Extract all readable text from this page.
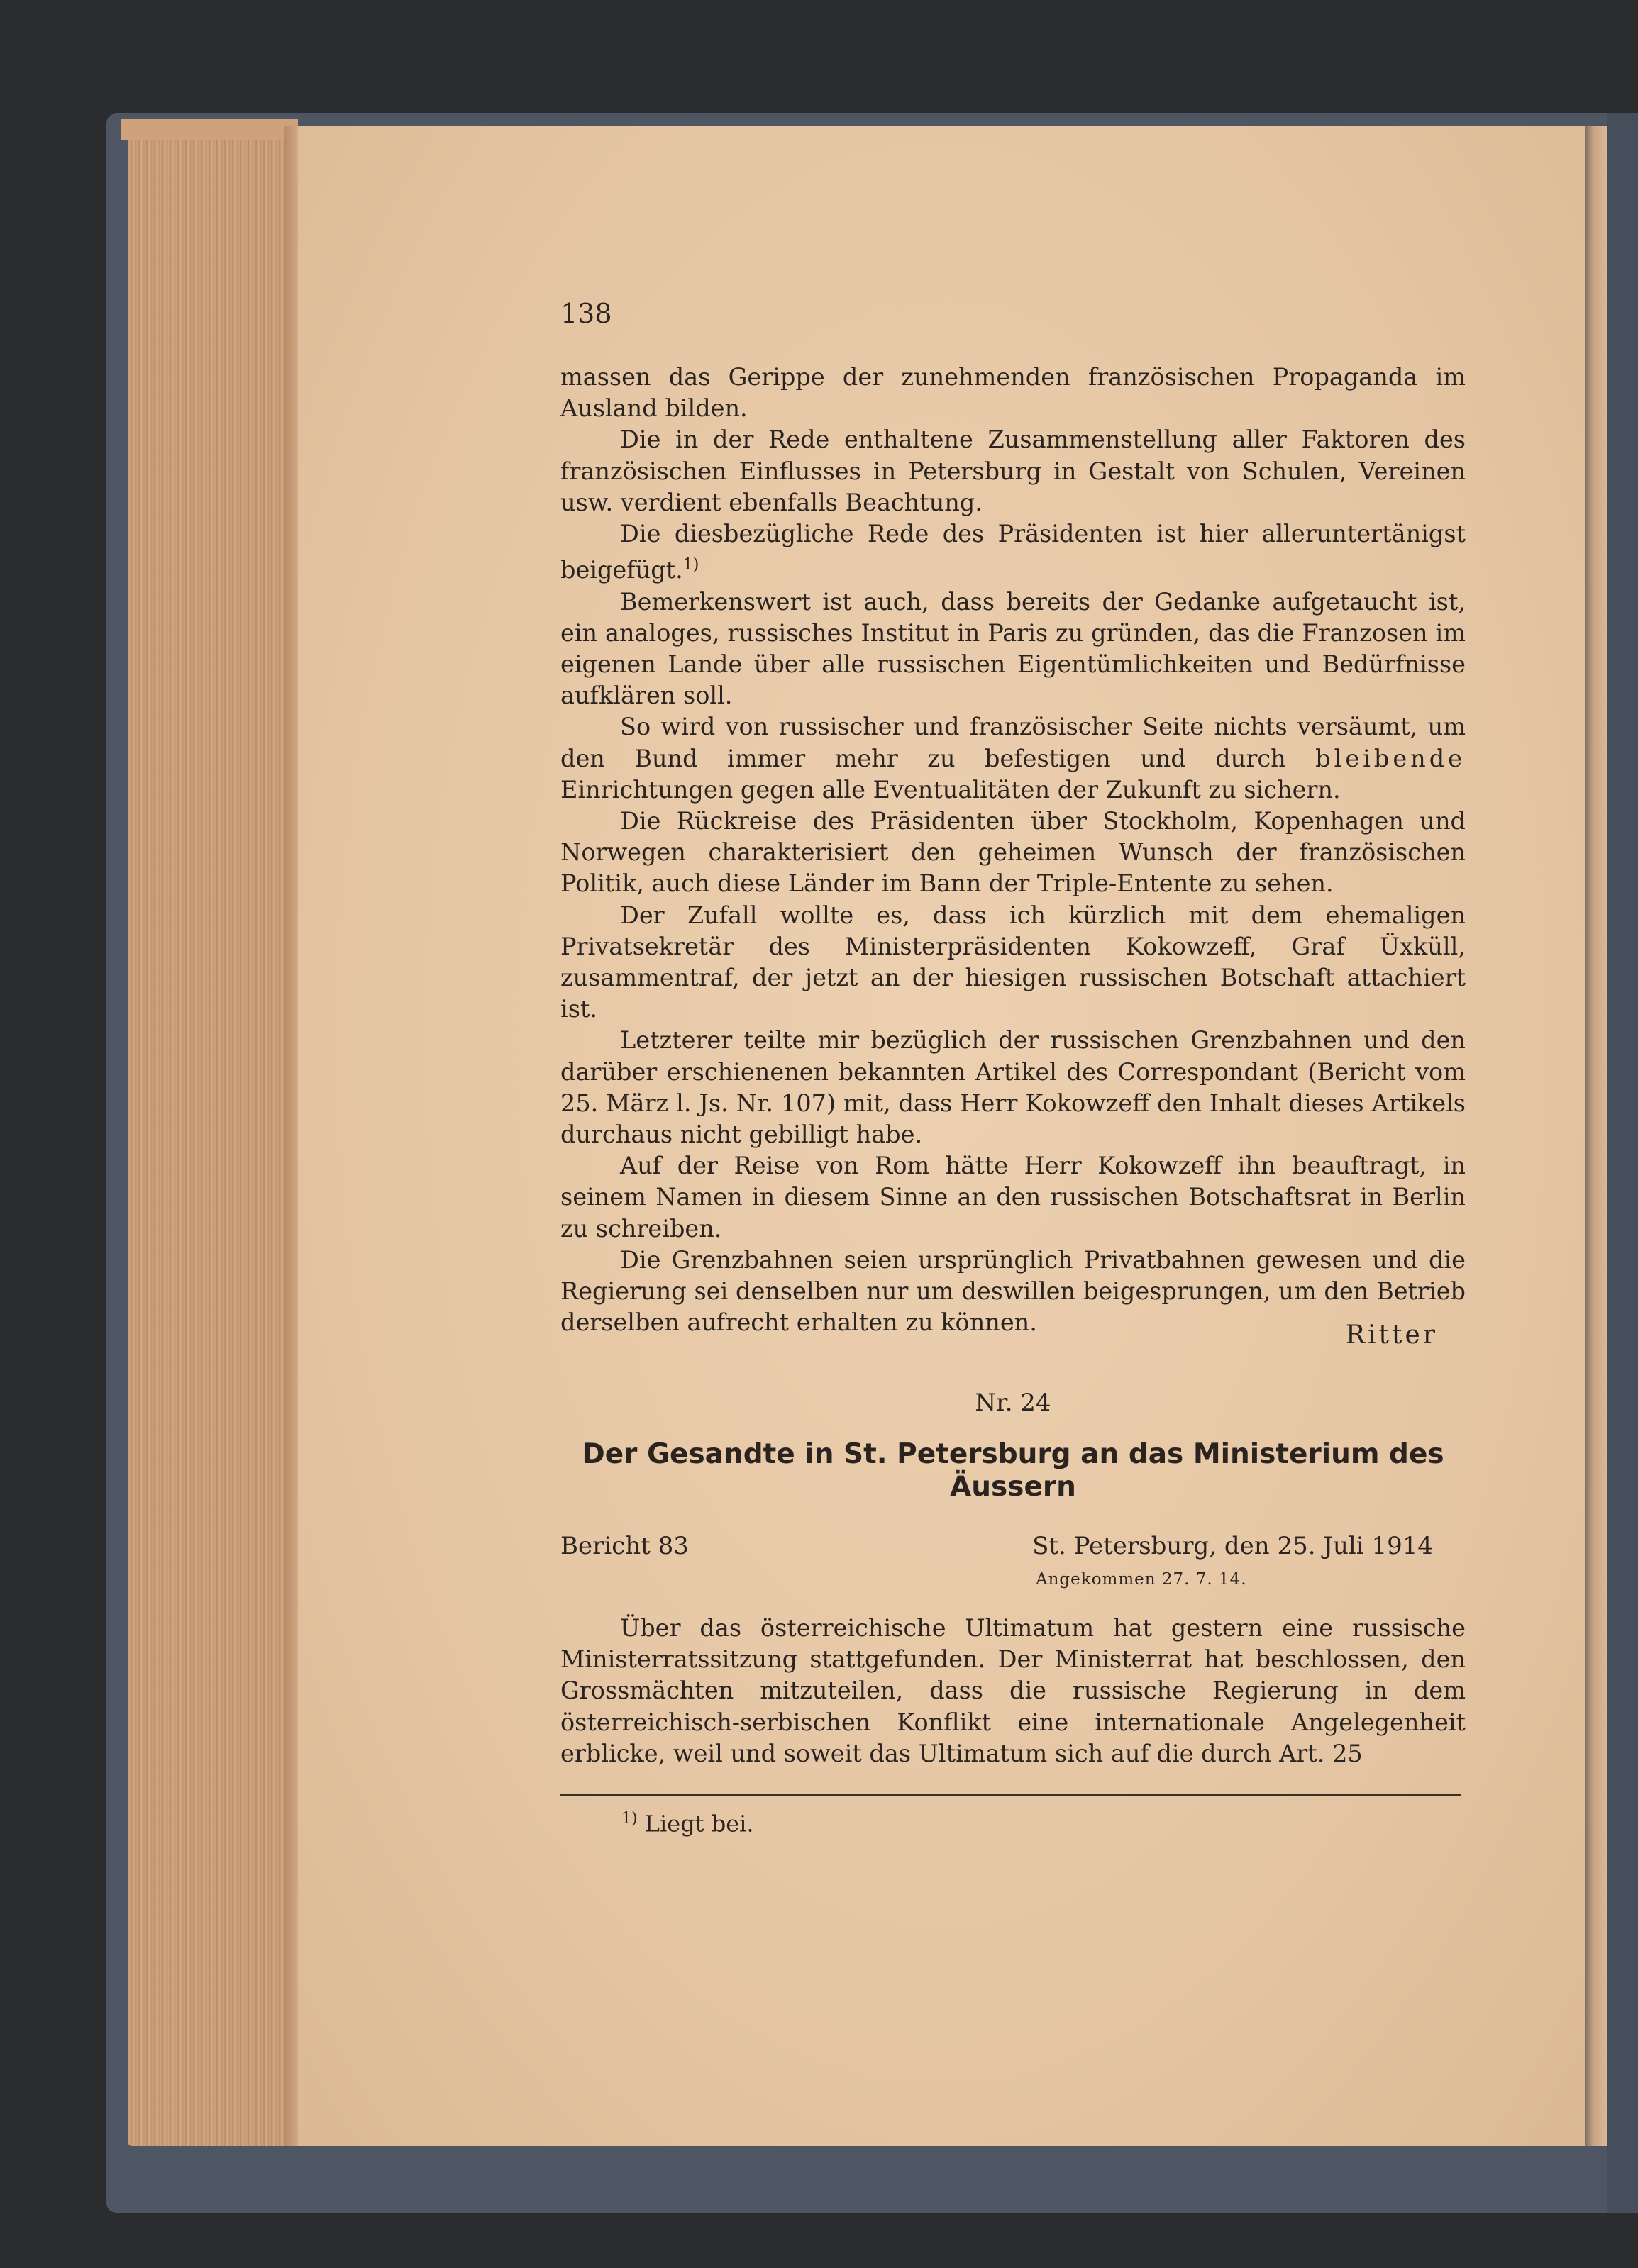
138

massen das Gerippe der zunehmenden französischen Propaganda im Ausland bilden.

Die in der Rede enthaltene Zusammenstellung aller Faktoren des französischen Einflusses in Petersburg in Gestalt von Schulen, Vereinen usw. verdient ebenfalls Beachtung.

Die diesbezügliche Rede des Präsidenten ist hier alleruntertänigst beigefügt.$^{1)}$

Bemerkenswert ist auch, dass bereits der Gedanke aufgetaucht ist, ein analoges, russisches Institut in Paris zu gründen, das die Franzosen im eigenen Lande über alle russischen Eigentümlichkeiten und Bedürfnisse aufklären soll.

So wird von russischer und französischer Seite nichts versäumt, um den Bund immer mehr zu befestigen und durch bleibende Einrichtungen gegen alle Eventualitäten der Zukunft zu sichern.

Die Rückreise des Präsidenten über Stockholm, Kopenhagen und Norwegen charakterisiert den geheimen Wunsch der französischen Politik, auch diese Länder im Bann der Triple-Entente zu sehen.

Der Zufall wollte es, dass ich kürzlich mit dem ehemaligen Privatsekretär des Ministerpräsidenten Kokowzeff, Graf Üxküll, zusammentraf, der jetzt an der hiesigen russischen Botschaft attachiert ist.

Letzterer teilte mir bezüglich der russischen Grenzbahnen und den darüber erschienenen bekannten Artikel des Correspondant (Bericht vom 25. März l. Js. Nr. 107) mit, dass Herr Kokowzeff den Inhalt dieses Artikels durchaus nicht gebilligt habe.

Auf der Reise von Rom hätte Herr Kokowzeff ihn beauftragt, in seinem Namen in diesem Sinne an den russischen Botschaftsrat in Berlin zu schreiben.

Die Grenzbahnen seien ursprünglich Privatbahnen gewesen und die Regierung sei denselben nur um deswillen beigesprungen, um den Betrieb derselben aufrecht erhalten zu können.	Ritter
Nr. 24
Der Gesandte in St. Petersburg an das Ministerium des Äussern
Bericht 83	St. Petersburg, den 25. Juli 1914
Angekommen 27. 7. 14.

Über das österreichische Ultimatum hat gestern eine russische Ministerratssitzung stattgefunden. Der Ministerrat hat beschlossen, den Grossmächten mitzuteilen, dass die russische Regierung in dem österreichisch-serbischen Konflikt eine internationale Angelegenheit erblicke, weil und soweit das Ultimatum sich auf die durch Art. 25

$^{1)}$ Liegt bei.
